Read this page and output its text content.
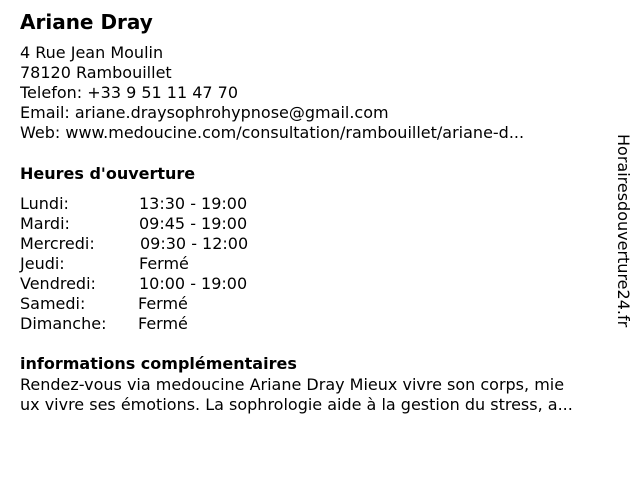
Ariane Dray
4 Rue Jean Moulin
78120 Rambouillet
Telefon: +33 9 51 11 47 70
Email: ariane.draysophrohypnose@gmail.com
Web: www.medoucine.com/consultation/rambouillet/ariane-d...
Heures d'ouverture
Lundi:	13:30 - 19:00
Mardi:	09:45 - 19:00
Mercredi:	09:30 - 12:00
Jeudi:	Fermé
Vendredi:	10:00 - 19:00
Samedi:	Fermé
Dimanche: Fermé
informations complémentaires
Rendez-vous via medoucine Ariane Dray Mieux vivre son corps, mie
ux vivre ses émotions. La sophrologie aide à la gestion du stress, a...
Horairesdouverture24.fr
